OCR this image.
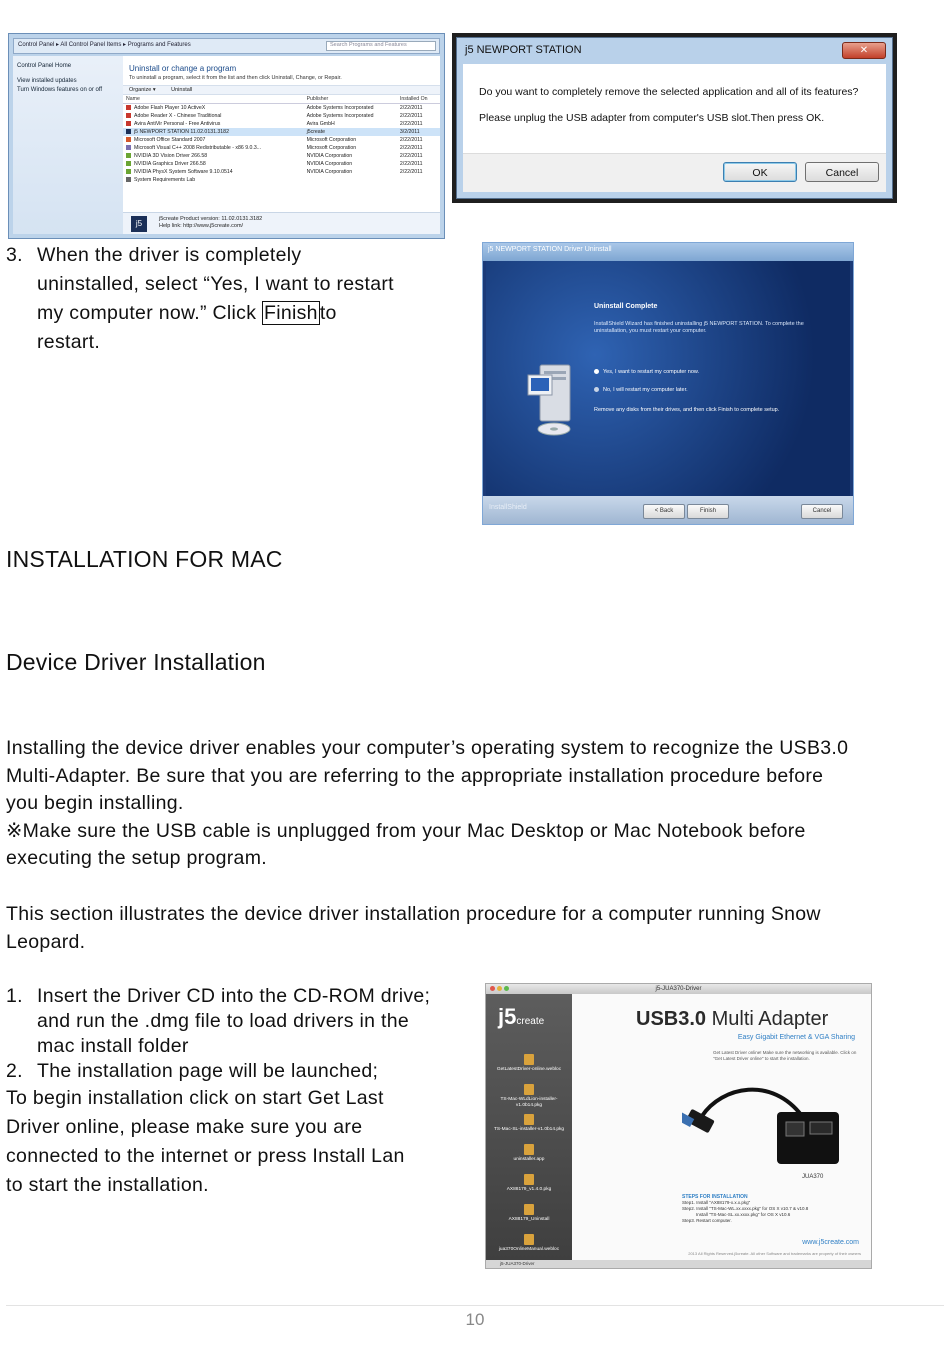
Control Panel ▸ All Control Panel Items ▸ Programs and Features	Search Programs and Features
Control Panel Home
View installed updates
Turn Windows features on or off
Uninstall or change a program
To uninstall a program, select it from the list and then click Uninstall, Change, or Repair.
Organize ▾	Uninstall
Name	Publisher	Installed On
Adobe Flash Player 10 ActiveX	Adobe Systems Incorporated	2/22/2011
Adobe Reader X - Chinese Traditional	Adobe Systems Incorporated	2/22/2011
Avira AntiVir Personal - Free Antivirus	Avira GmbH	2/22/2011
j5 NEWPORT STATION 11.02.0131.3182	j5create	3/2/2011
Microsoft Office Standard 2007	Microsoft Corporation	2/22/2011
Microsoft Visual C++ 2008 Redistributable - x86 9.0.3...	Microsoft Corporation	2/22/2011
NVIDIA 3D Vision Driver 266.58	NVIDIA Corporation	2/22/2011
NVIDIA Graphics Driver 266.58	NVIDIA Corporation	2/22/2011
NVIDIA PhysX System Software 9.10.0514	NVIDIA Corporation	2/22/2011
System Requirements Lab		
j5	j5create Product version: 11.02.0131.3182
Help link: http://www.j5create.com/
j5 NEWPORT STATION	✕
Do you want to completely remove the selected application and all of its features?
Please unplug the USB adapter from computer's USB slot.Then press OK.
OK	Cancel
3. When the driver is completely
uninstalled, select “Yes, I want to restart
my computer now.” Click Finish to
restart.
j5 NEWPORT STATION Driver Uninstall
Uninstall Complete
InstallShield Wizard has finished uninstalling j5 NEWPORT STATION. To complete the uninstallation, you must restart your computer.
Yes, I want to restart my computer now.
No, I will restart my computer later.
Remove any disks from their drives, and then click Finish to complete setup.
InstallShield	< Back	Finish	Cancel
INSTALLATION FOR MAC
Device Driver Installation
Installing the device driver enables your computer’s operating system to recognize the USB3.0
Multi-Adapter. Be sure that you are referring to the appropriate installation procedure before
you begin installing.
※Make sure the USB cable is unplugged from your Mac Desktop or Mac Notebook before
executing the setup program.
This section illustrates the device driver installation procedure for a computer running Snow
Leopard.
1. Insert the Driver CD into the CD-ROM drive;
and run the .dmg file to load drivers in the
mac install folder
2. The installation page will be launched;
To begin installation click on start Get Last
Driver online, please make sure you are
connected to the internet or press Install Lan
to start the installation.
j5-JUA370-Driver
j5create
GetLatestDriver-online.webloc
TS-Mac-WLdLion-installer-v1.0b14.pkg
TS-Mac-SL-installer-v1.0b14.pkg
uninstaller.app
AX88179_v1.4.0.pkg
AX88179_Uninstall
jua370OnlineManual.webloc
USB3.0 Multi Adapter
Easy Gigabit Ethernet & VGA Sharing
Get Latest Driver online! Make sure the networking is available. Click on "Get Latest Driver online" to start the installation.
JUA370
STEPS FOR INSTALLATION
Step1. Install "AX88179-x.x.x.pkg"
Step2. Install "TS-Mac-WL.xx.xxxx.pkg" for OS X v10.7 & v10.8
Install "TS-Mac-SL.xx.xxxx.pkg" for OS X v10.6
Step3. Restart computer.
www.j5create.com
2013 All Rights Reserved.j5create. All other Software and trademarks are property of their owners
j5-JUA370-Driver
10
